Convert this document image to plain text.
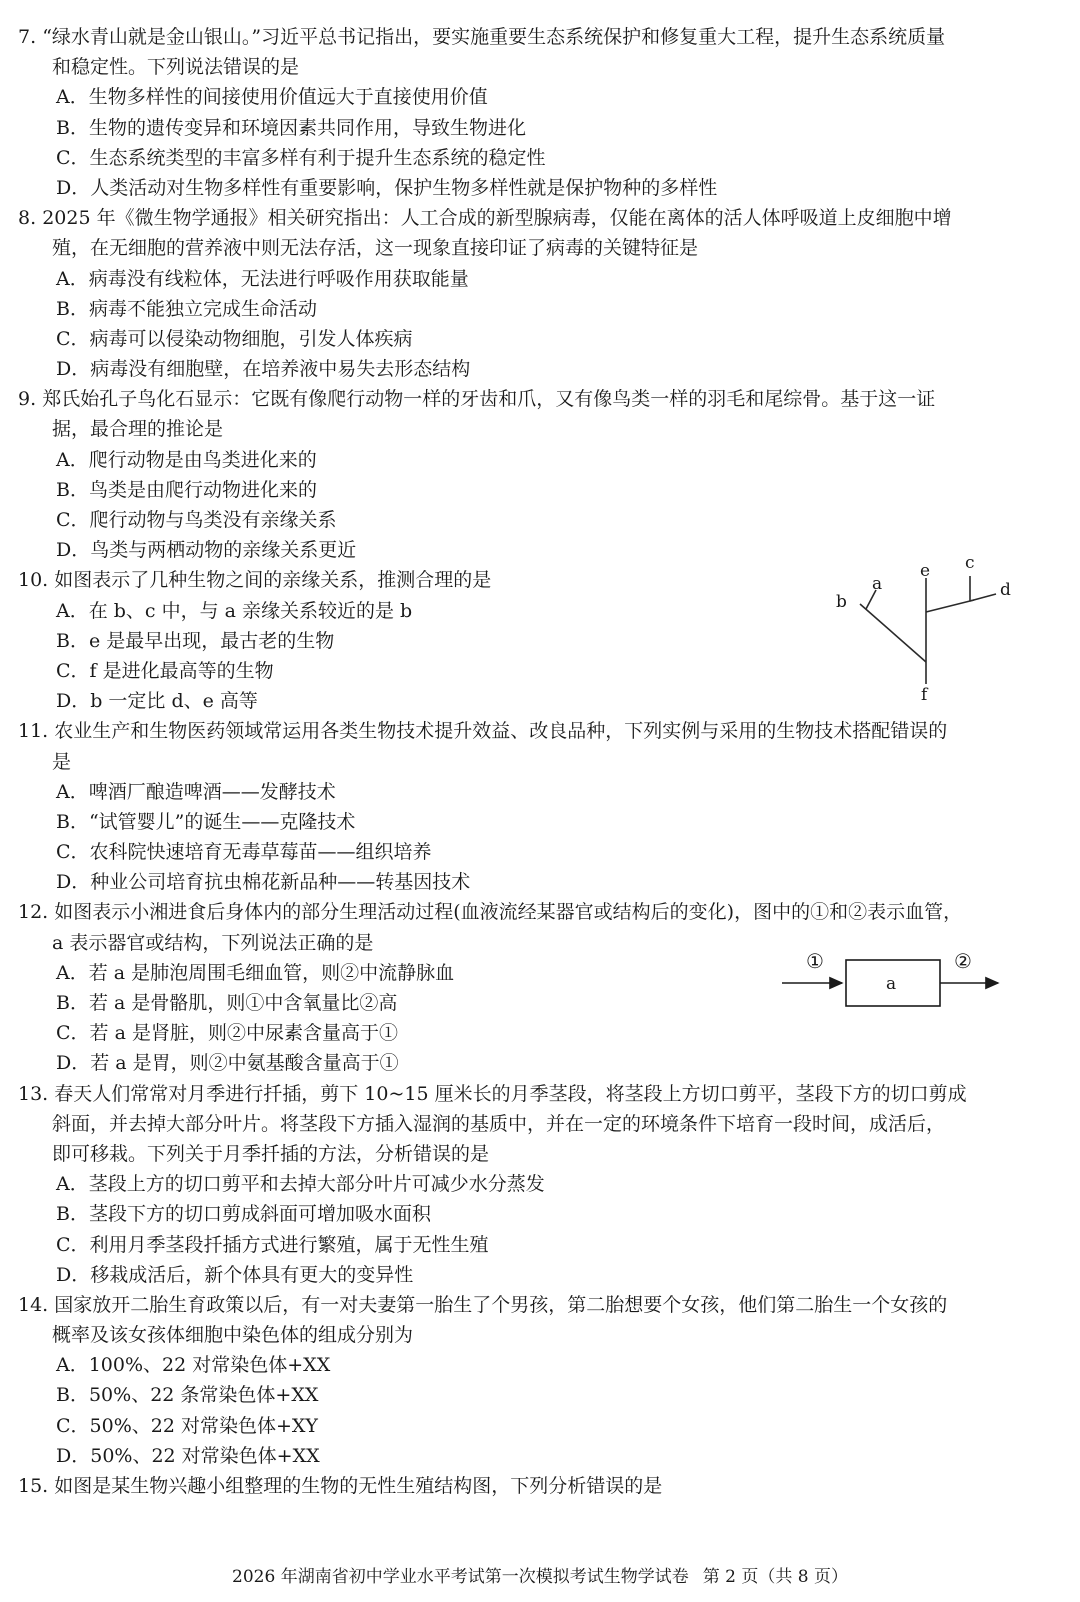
7. “绿水青山就是金山银山。”习近平总书记指出，要实施重要生态系统保护和修复重大工程，提升生态系统质量
和稳定性。下列说法错误的是
A．生物多样性的间接使用价值远大于直接使用价值
B．生物的遗传变异和环境因素共同作用，导致生物进化
C．生态系统类型的丰富多样有利于提升生态系统的稳定性
D．人类活动对生物多样性有重要影响，保护生物多样性就是保护物种的多样性
8. 2025 年《微生物学通报》相关研究指出：人工合成的新型腺病毒，仅能在离体的活人体呼吸道上皮细胞中增
殖，在无细胞的营养液中则无法存活，这一现象直接印证了病毒的关键特征是
A．病毒没有线粒体，无法进行呼吸作用获取能量
B．病毒不能独立完成生命活动
C．病毒可以侵染动物细胞，引发人体疾病
D．病毒没有细胞壁，在培养液中易失去形态结构
9. 郑氏始孔子鸟化石显示：它既有像爬行动物一样的牙齿和爪，又有像鸟类一样的羽毛和尾综骨。基于这一证
据，最合理的推论是
A．爬行动物是由鸟类进化来的
B．鸟类是由爬行动物进化来的
C．爬行动物与鸟类没有亲缘关系
D．鸟类与两栖动物的亲缘关系更近
10. 如图表示了几种生物之间的亲缘关系，推测合理的是
A．在 b、c 中，与 a 亲缘关系较近的是 b
B．e 是最早出现，最古老的生物
C．f 是进化最高等的生物
D．b 一定比 d、e 高等
11. 农业生产和生物医药领域常运用各类生物技术提升效益、改良品种，下列实例与采用的生物技术搭配错误的
是
A．啤酒厂酿造啤酒——发酵技术
B．“试管婴儿”的诞生——克隆技术
C．农科院快速培育无毒草莓苗——组织培养
D．种业公司培育抗虫棉花新品种——转基因技术
12. 如图表示小湘进食后身体内的部分生理活动过程(血液流经某器官或结构后的变化)，图中的①和②表示血管，
a 表示器官或结构，下列说法正确的是
A．若 a 是肺泡周围毛细血管，则②中流静脉血
B．若 a 是骨骼肌，则①中含氧量比②高
C．若 a 是肾脏，则②中尿素含量高于①
D．若 a 是胃，则②中氨基酸含量高于①
13. 春天人们常常对月季进行扦插，剪下 10~15 厘米长的月季茎段，将茎段上方切口剪平，茎段下方的切口剪成
斜面，并去掉大部分叶片。将茎段下方插入湿润的基质中，并在一定的环境条件下培育一段时间，成活后，
即可移栽。下列关于月季扦插的方法，分析错误的是
A．茎段上方的切口剪平和去掉大部分叶片可减少水分蒸发
B．茎段下方的切口剪成斜面可增加吸水面积
C．利用月季茎段扦插方式进行繁殖，属于无性生殖
D．移栽成活后，新个体具有更大的变异性
14. 国家放开二胎生育政策以后，有一对夫妻第一胎生了个男孩，第二胎想要个女孩，他们第二胎生一个女孩的
概率及该女孩体细胞中染色体的组成分别为
A．100%、22 对常染色体+XX
B．50%、22 条常染色体+XX
C．50%、22 对常染色体+XY
D．50%、22 对常染色体+XX
15. 如图是某生物兴趣小组整理的生物的无性生殖结构图，下列分析错误的是
e c
d
a
b
f
①	②
a
2026 年湖南省初中学业水平考试第一次模拟考试生物学试卷 第 2 页（共 8 页）
